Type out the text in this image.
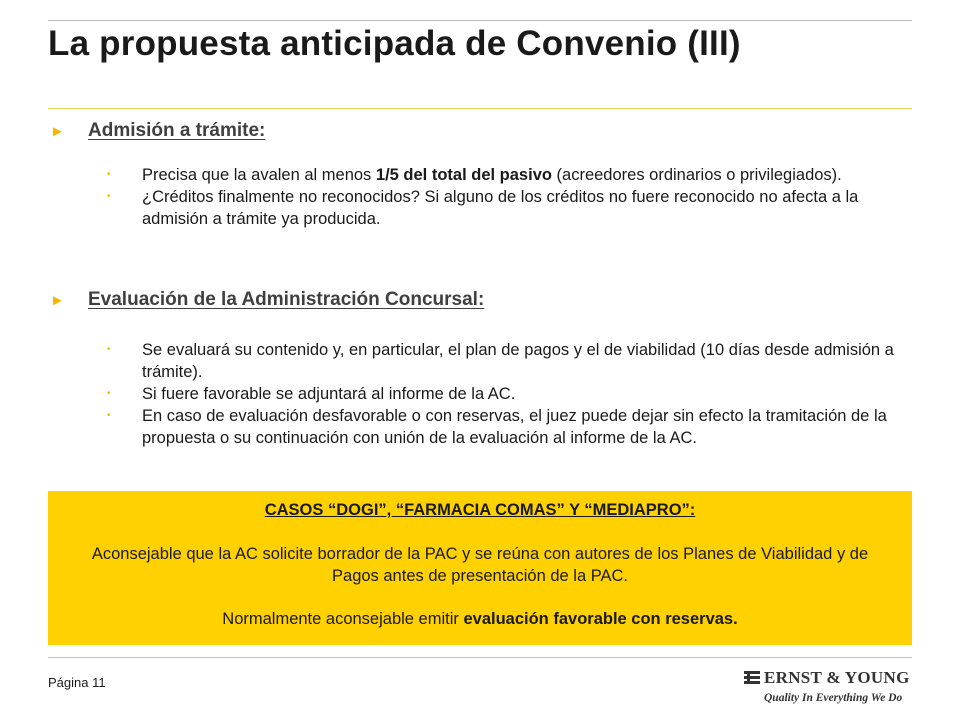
La propuesta anticipada de Convenio (III)
►	Admisión a trámite:
• Precisa que la avalen al menos 1/5 del total del pasivo (acreedores ordinarios o privilegiados).
• ¿Créditos finalmente no reconocidos? Si alguno de los créditos no fuere reconocido no afecta a la admisión a trámite ya producida.
►	Evaluación de la Administración Concursal:
• Se evaluará su contenido y, en particular, el plan de pagos y el de viabilidad (10 días desde admisión a trámite).
• Si fuere favorable se adjuntará al informe de la AC.
• En caso de evaluación desfavorable o con reservas, el juez puede dejar sin efecto la tramitación de la propuesta o su continuación con unión de la evaluación al informe de la AC.
CASOS “DOGI”, “FARMACIA COMAS” Y “MEDIAPRO”:
Aconsejable que la AC solicite borrador de la PAC y se reúna con autores de los Planes de Viabilidad y de Pagos antes de presentación de la PAC.
Normalmente aconsejable emitir evaluación favorable con reservas.
Página 11	ERNST & YOUNG
Quality In Everything We Do
